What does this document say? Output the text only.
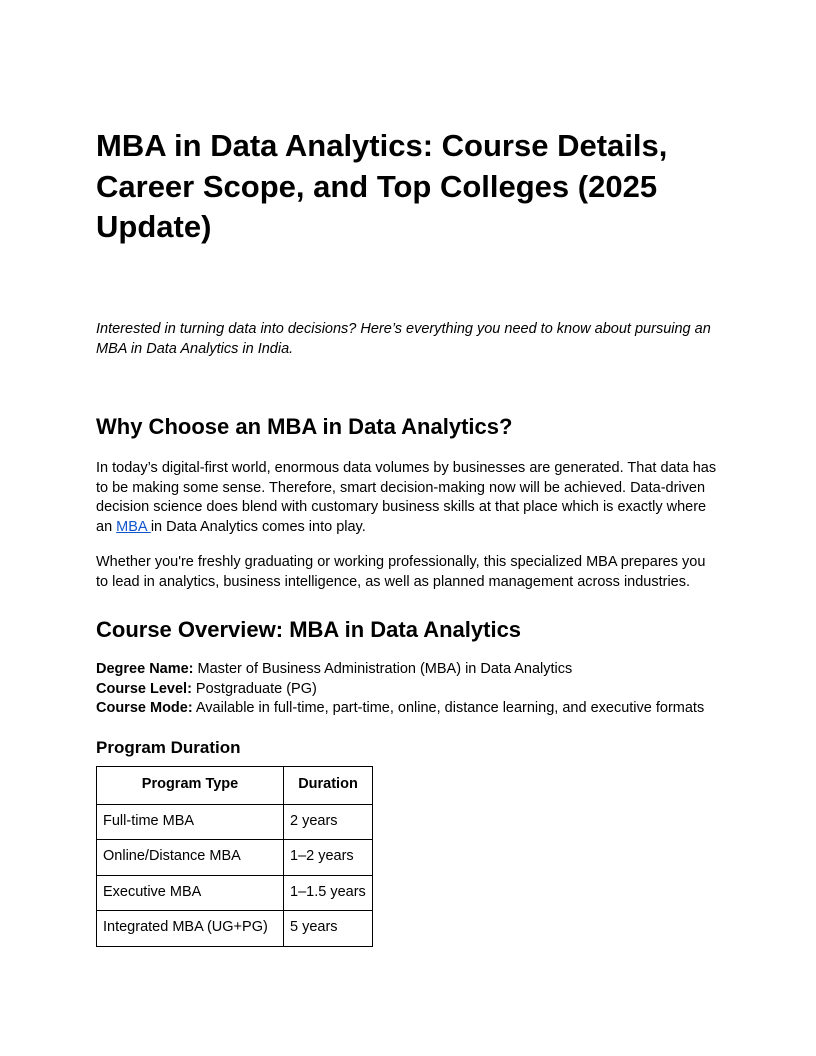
MBA in Data Analytics: Course Details, Career Scope, and Top Colleges (2025 Update)

Interested in turning data into decisions? Here’s everything you need to know about pursuing an MBA in Data Analytics in India.

Why Choose an MBA in Data Analytics?

In today’s digital-first world, enormous data volumes by businesses are generated. That data has to be making some sense. Therefore, smart decision-making now will be achieved. Data-driven decision science does blend with customary business skills at that place which is exactly where an MBA in Data Analytics comes into play.

Whether you're freshly graduating or working professionally, this specialized MBA prepares you to lead in analytics, business intelligence, as well as planned management across industries.

Course Overview: MBA in Data Analytics
Degree Name: Master of Business Administration (MBA) in Data Analytics
Course Level: Postgraduate (PG)
Course Mode: Available in full-time, part-time, online, distance learning, and executive formats
Program Duration
Program Type	Duration
Full-time MBA	2 years
Online/Distance MBA	1–2 years
Executive MBA	1–1.5 years
Integrated MBA (UG+PG)	5 years
